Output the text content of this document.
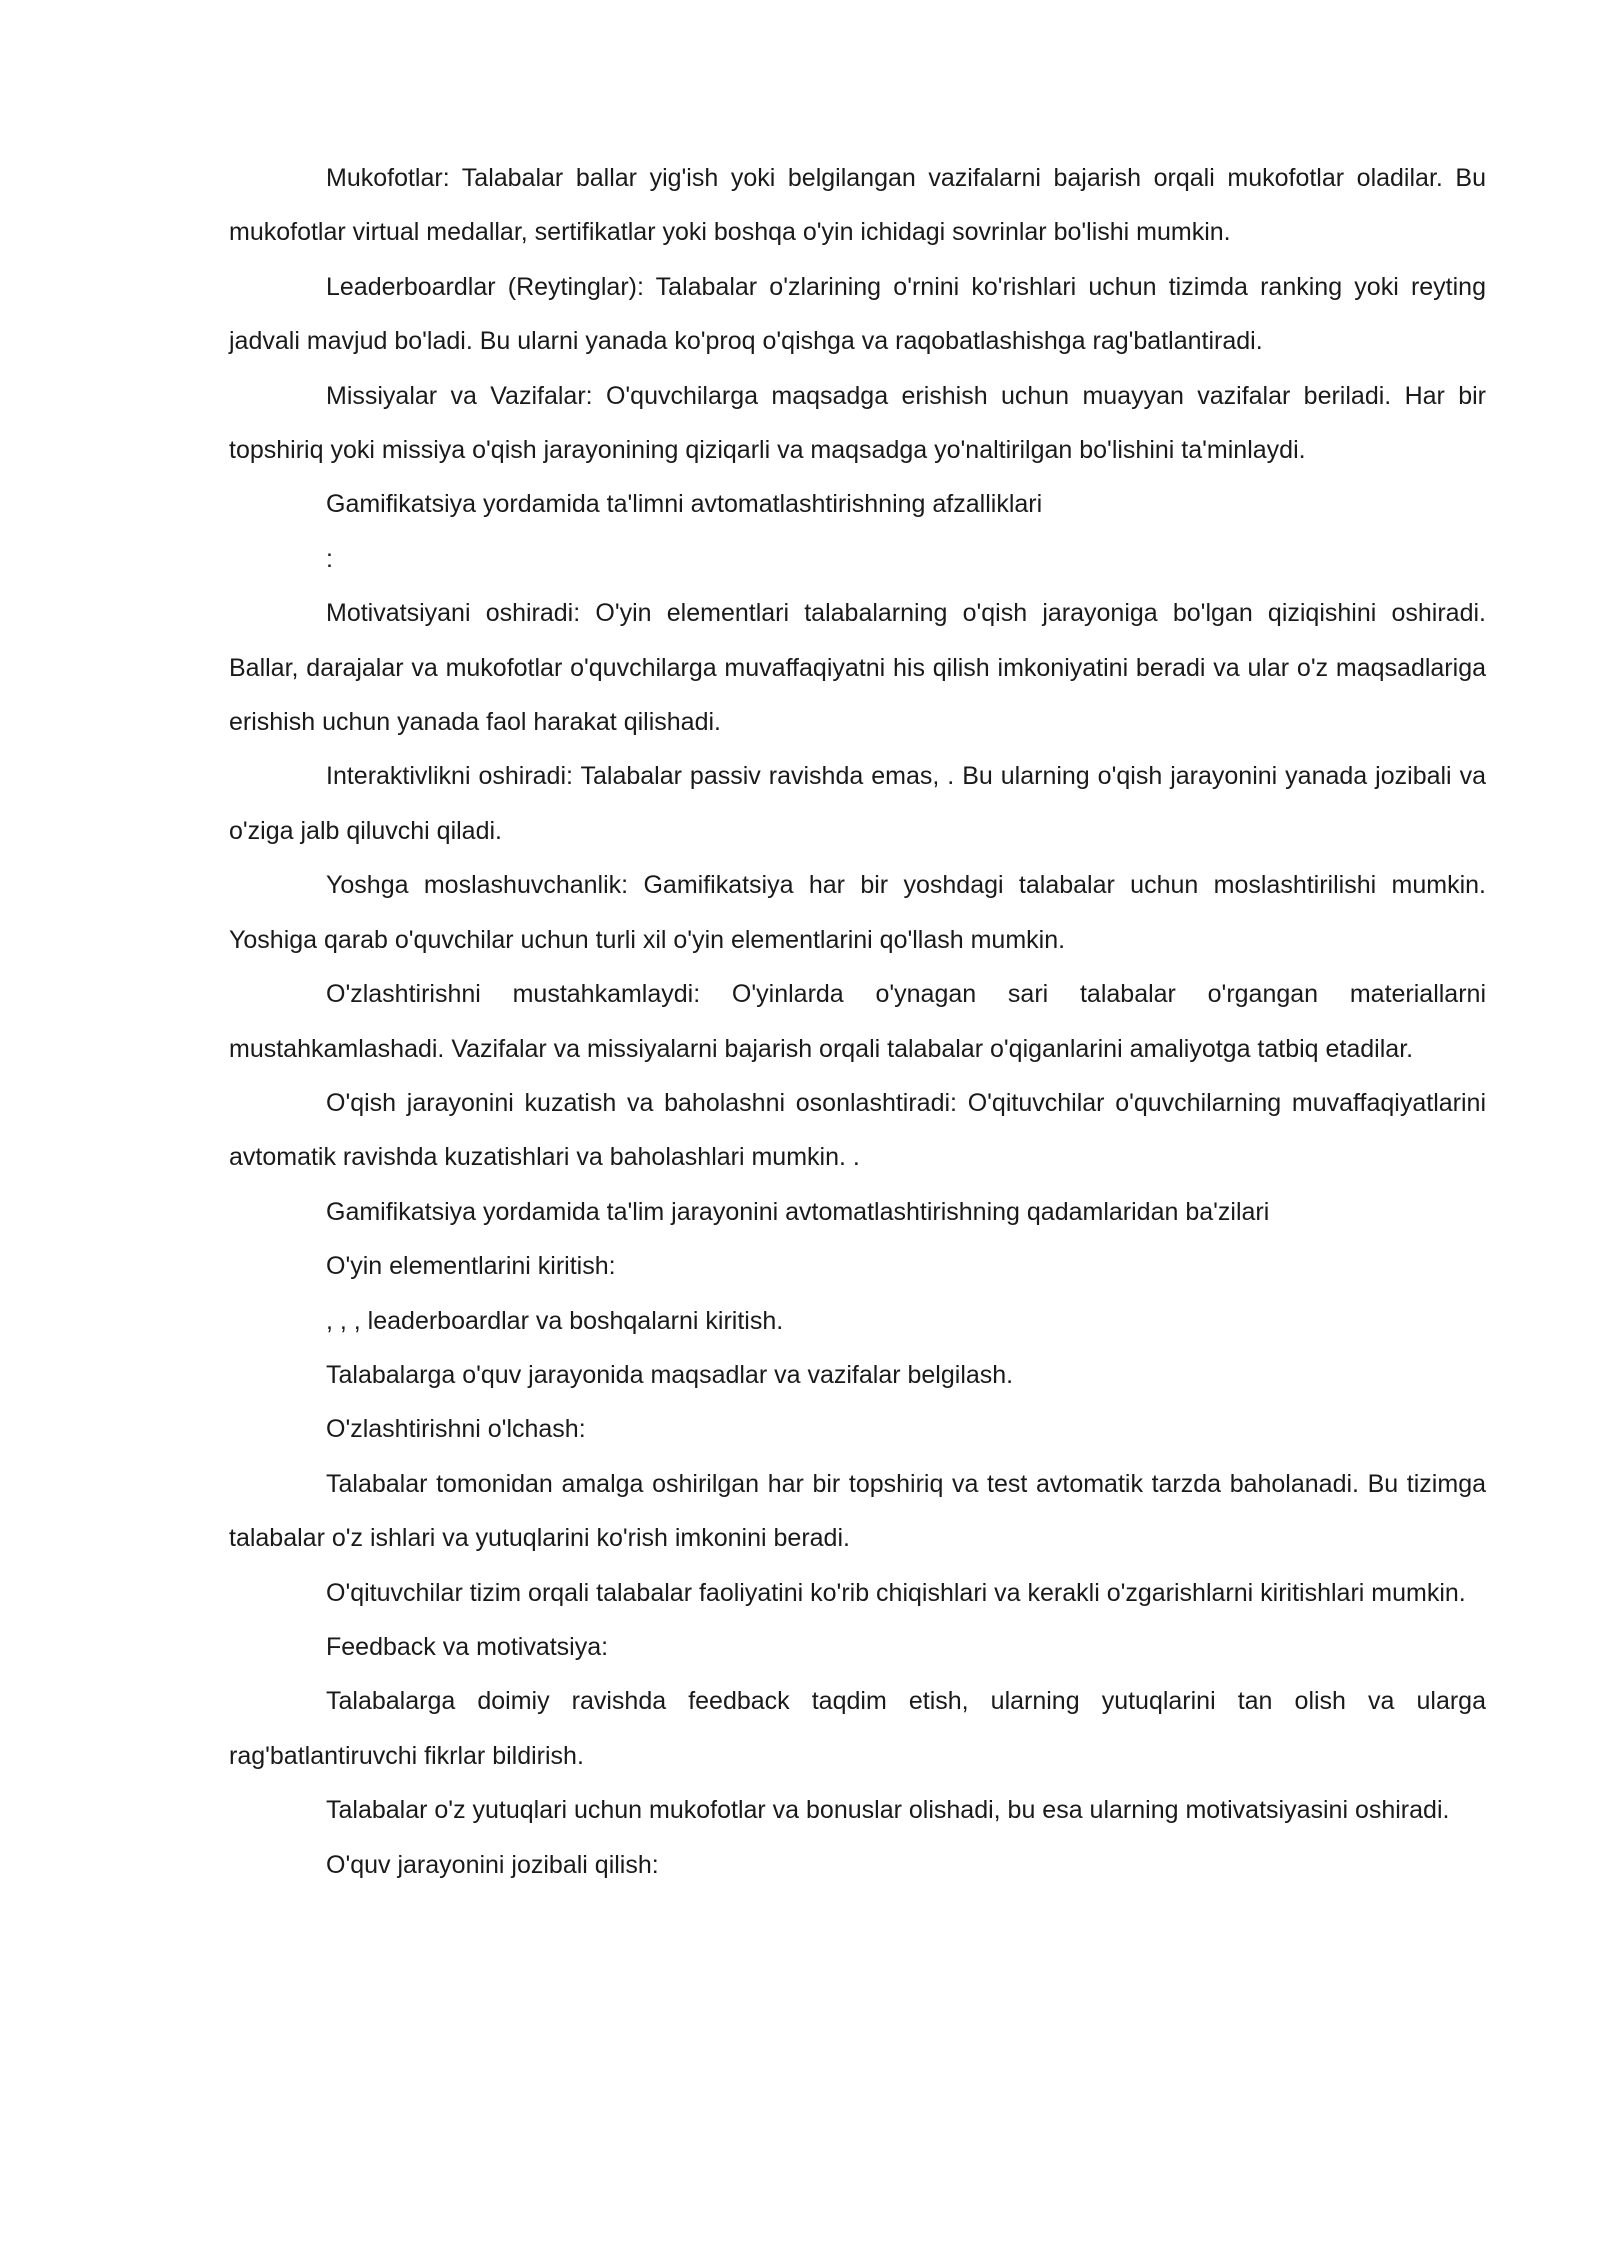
Mukofotlar: Talabalar ballar yig'ish yoki belgilangan vazifalarni bajarish orqali mukofotlar oladilar. Bu mukofotlar virtual medallar, sertifikatlar yoki boshqa o'yin ichidagi sovrinlar bo'lishi mumkin.

Leaderboardlar (Reytinglar): Talabalar o'zlarining o'rnini ko'rishlari uchun tizimda ranking yoki reyting jadvali mavjud bo'ladi. Bu ularni yanada ko'proq o'qishga va raqobatlashishga rag'batlantiradi.

Missiyalar va Vazifalar: O'quvchilarga maqsadga erishish uchun muayyan vazifalar beriladi. Har bir topshiriq yoki missiya o'qish jarayonining qiziqarli va maqsadga yo'naltirilgan bo'lishini ta'minlaydi.

Gamifikatsiya yordamida ta'limni avtomatlashtirishning afzalliklari

:

Motivatsiyani oshiradi: O'yin elementlari talabalarning o'qish jarayoniga bo'lgan qiziqishini oshiradi. Ballar, darajalar va mukofotlar o'quvchilarga muvaffaqiyatni his qilish imkoniyatini beradi va ular o'z maqsadlariga erishish uchun yanada faol harakat qilishadi.

Interaktivlikni oshiradi: Talabalar passiv ravishda emas, . Bu ularning o'qish jarayonini yanada jozibali va o'ziga jalb qiluvchi qiladi.

Yoshga moslashuvchanlik: Gamifikatsiya har bir yoshdagi talabalar uchun moslashtirilishi mumkin. Yoshiga qarab o'quvchilar uchun turli xil o'yin elementlarini qo'llash mumkin.

O'zlashtirishni mustahkamlaydi: O'yinlarda o'ynagan sari talabalar o'rgangan materiallarni mustahkamlashadi. Vazifalar va missiyalarni bajarish orqali talabalar o'qiganlarini amaliyotga tatbiq etadilar.

O'qish jarayonini kuzatish va baholashni osonlashtiradi: O'qituvchilar o'quvchilarning muvaffaqiyatlarini avtomatik ravishda kuzatishlari va baholashlari mumkin. .

Gamifikatsiya yordamida ta'lim jarayonini avtomatlashtirishning qadamlaridan ba'zilari

O'yin elementlarini kiritish:

, , , leaderboardlar va boshqalarni kiritish.

Talabalarga o'quv jarayonida maqsadlar va vazifalar belgilash.

O'zlashtirishni o'lchash:

Talabalar tomonidan amalga oshirilgan har bir topshiriq va test avtomatik tarzda baholanadi. Bu tizimga talabalar o'z ishlari va yutuqlarini ko'rish imkonini beradi.

O'qituvchilar tizim orqali talabalar faoliyatini ko'rib chiqishlari va kerakli o'zgarishlarni kiritishlari mumkin.

Feedback va motivatsiya:

Talabalarga doimiy ravishda feedback taqdim etish, ularning yutuqlarini tan olish va ularga rag'batlantiruvchi fikrlar bildirish.

Talabalar o'z yutuqlari uchun mukofotlar va bonuslar olishadi, bu esa ularning motivatsiyasini oshiradi.

O'quv jarayonini jozibali qilish:
